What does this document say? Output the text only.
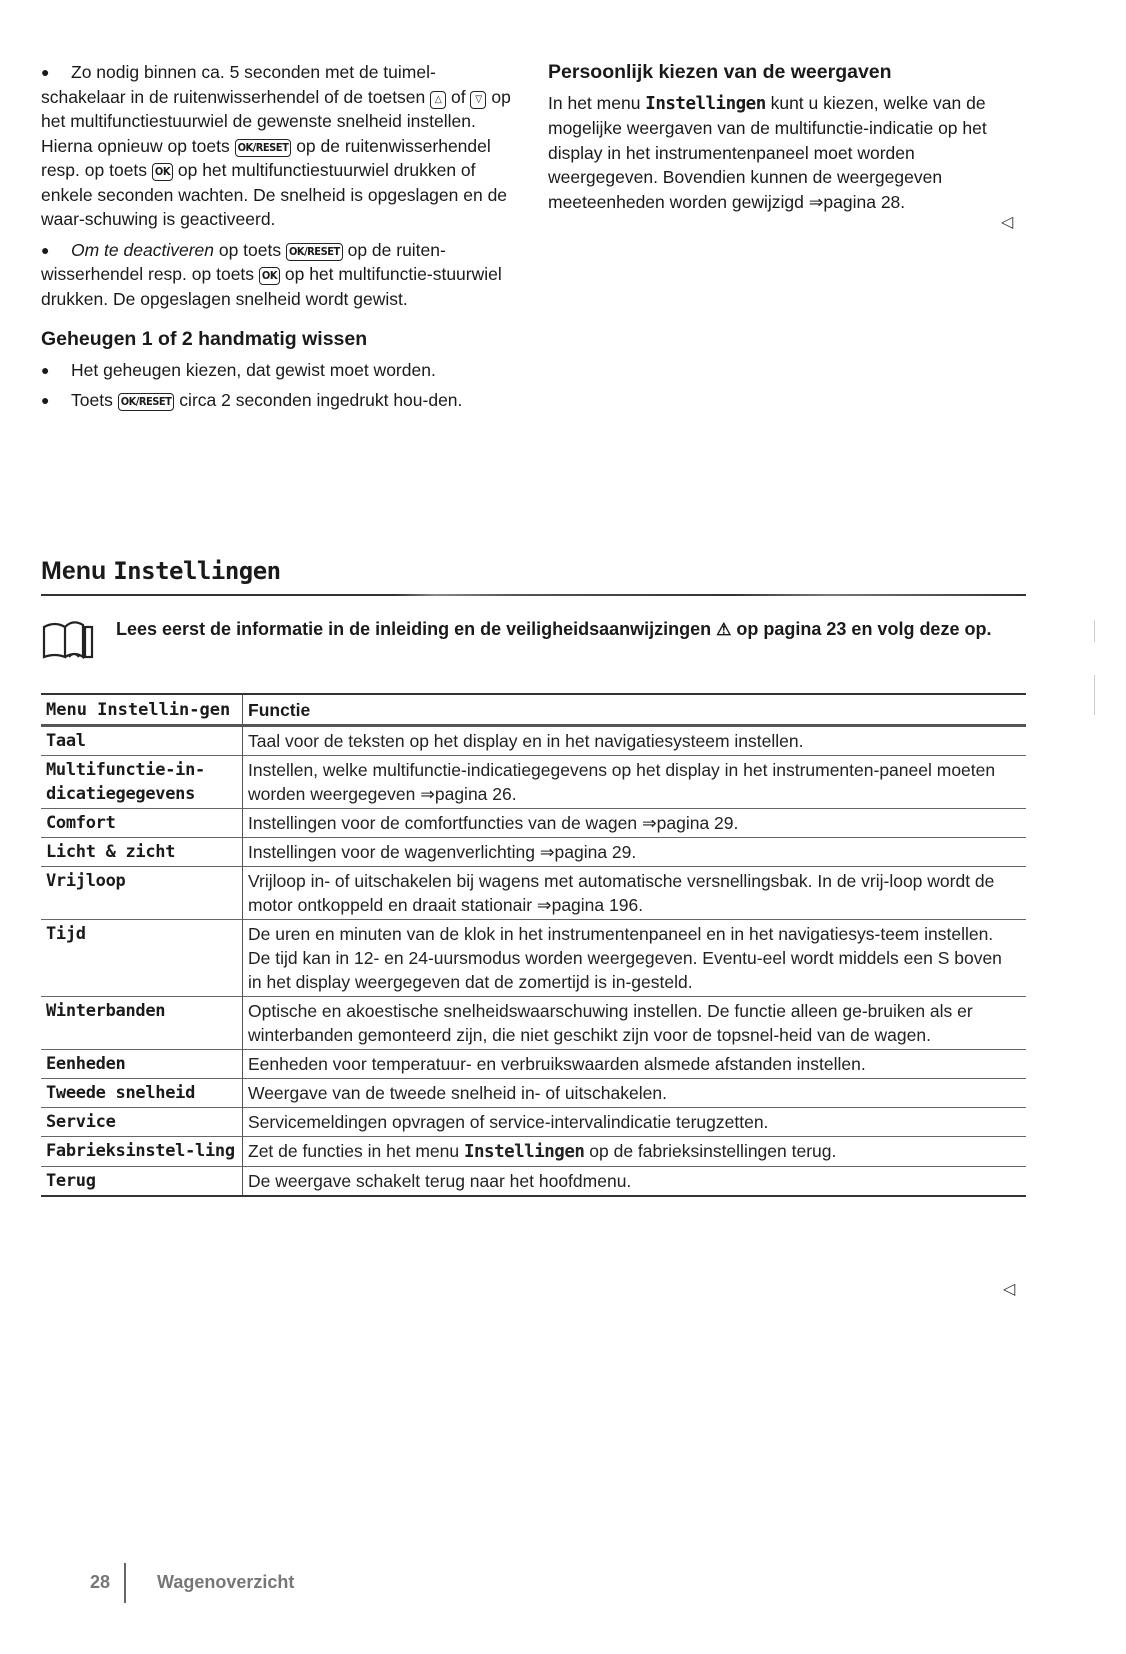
● Zo nodig binnen ca. 5 seconden met de tuimel-schakelaar in de ruitenwisserhendel of de toetsen △ of ▽ op het multifunctiestuurwiel de gewenste snelheid instellen. Hierna opnieuw op toets OK/RESET op de ruitenwisserhendel resp. op toets OK op het multifunctiestuurwiel drukken of enkele seconden wachten. De snelheid is opgeslagen en de waar-schuwing is geactiveerd.

● Om te deactiveren op toets OK/RESET op de ruiten-wisserhendel resp. op toets OK op het multifunctie-stuurwiel drukken. De opgeslagen snelheid wordt gewist.

Geheugen 1 of 2 handmatig wissen

● Het geheugen kiezen, dat gewist moet worden.

● Toets OK/RESET circa 2 seconden ingedrukt hou-den.

Persoonlijk kiezen van de weergaven

In het menu Instellingen kunt u kiezen, welke van de mogelijke weergaven van de multifunctie-indicatie op het display in het instrumentenpaneel moet worden weergegeven. Bovendien kunnen de weergegeven meeteenheden worden gewijzigd ⇒pagina 28.

◁
Menu Instellingen
Lees eerst de informatie in de inleiding en de veiligheidsaanwijzingen ⚠ op pagina 23 en volg deze op.
Menu Instellin-gen	Functie
Taal	Taal voor de teksten op het display en in het navigatiesysteem instellen.
Multifunctie-in-dicatiegegevens	Instellen, welke multifunctie-indicatiegegevens op het display in het instrumenten-paneel moeten worden weergegeven ⇒pagina 26.
Comfort	Instellingen voor de comfortfuncties van de wagen ⇒pagina 29.
Licht & zicht	Instellingen voor de wagenverlichting ⇒pagina 29.
Vrijloop	Vrijloop in- of uitschakelen bij wagens met automatische versnellingsbak. In de vrij-loop wordt de motor ontkoppeld en draait stationair ⇒pagina 196.
Tijd	De uren en minuten van de klok in het instrumentenpaneel en in het navigatiesys-teem instellen. De tijd kan in 12- en 24-uursmodus worden weergegeven. Eventu-eel wordt middels een S boven in het display weergegeven dat de zomertijd is in-gesteld.
Winterbanden	Optische en akoestische snelheidswaarschuwing instellen. De functie alleen ge-bruiken als er winterbanden gemonteerd zijn, die niet geschikt zijn voor de topsnel-heid van de wagen.
Eenheden	Eenheden voor temperatuur- en verbruikswaarden alsmede afstanden instellen.
Tweede snelheid	Weergave van de tweede snelheid in- of uitschakelen.
Service	Servicemeldingen opvragen of service-intervalindicatie terugzetten.
Fabrieksinstel-ling	Zet de functies in het menu Instellingen op de fabrieksinstellingen terug.
Terug	De weergave schakelt terug naar het hoofdmenu.
◁
28	Wagenoverzicht
